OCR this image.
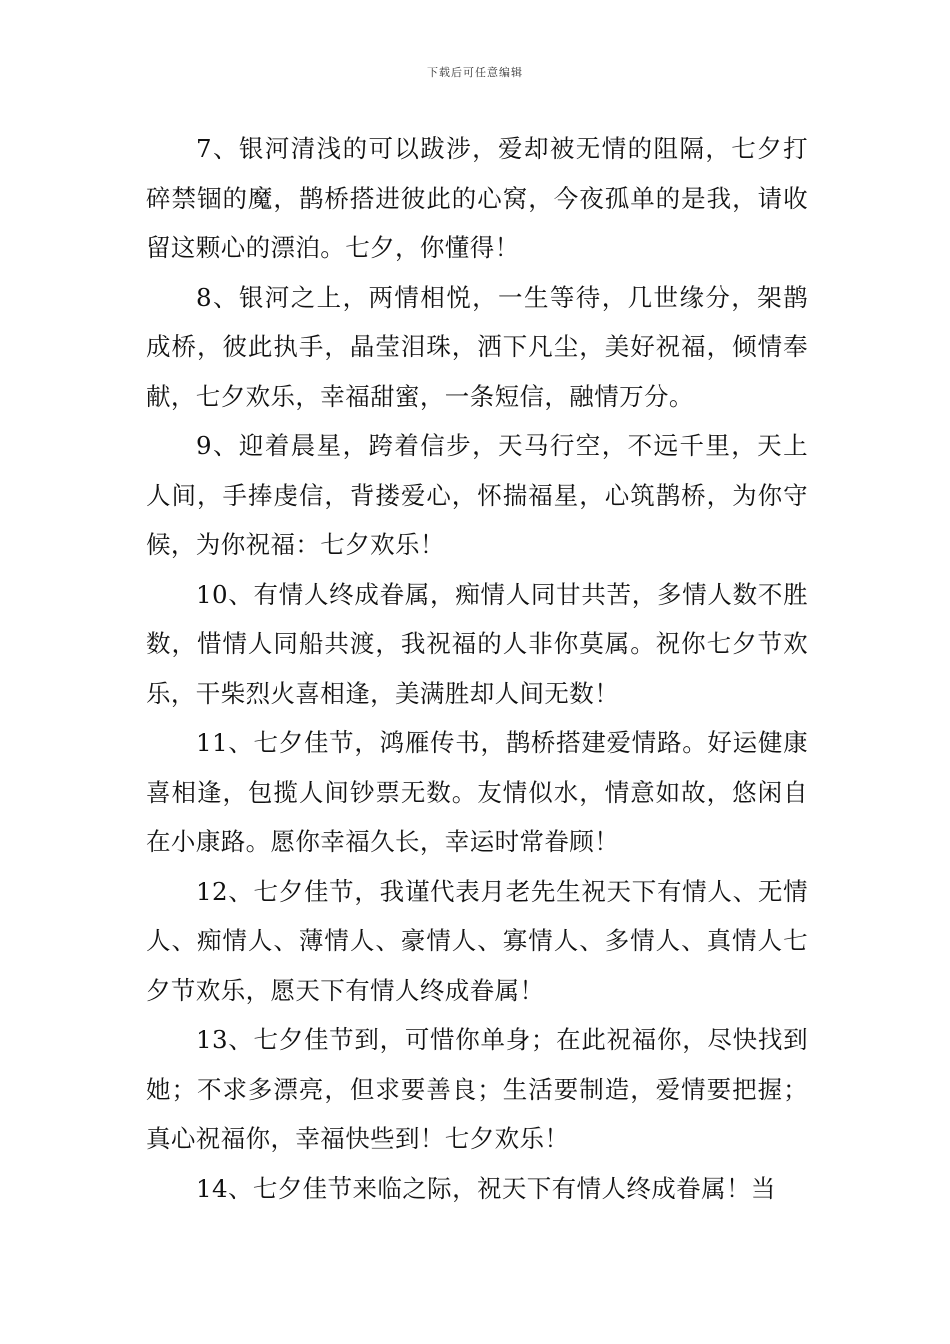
下载后可任意编辑

7、银河清浅的可以跋涉，爱却被无情的阻隔，七夕打碎禁锢的魔，鹊桥搭进彼此的心窝，今夜孤单的是我，请收留这颗心的漂泊。七夕，你懂得！

8、银河之上，两情相悦，一生等待，几世缘分，架鹊成桥，彼此执手，晶莹泪珠，洒下凡尘，美好祝福，倾情奉献，七夕欢乐，幸福甜蜜，一条短信，融情万分。

9、迎着晨星，跨着信步，天马行空，不远千里，天上人间，手捧虔信，背搂爱心，怀揣福星，心筑鹊桥，为你守候，为你祝福：七夕欢乐！

10、有情人终成眷属，痴情人同甘共苦，多情人数不胜数，惜情人同船共渡，我祝福的人非你莫属。祝你七夕节欢乐，干柴烈火喜相逢，美满胜却人间无数！

11、七夕佳节，鸿雁传书，鹊桥搭建爱情路。好运健康喜相逢，包揽人间钞票无数。友情似水，情意如故，悠闲自在小康路。愿你幸福久长，幸运时常眷顾！

12、七夕佳节，我谨代表月老先生祝天下有情人、无情人、痴情人、薄情人、豪情人、寡情人、多情人、真情人七夕节欢乐，愿天下有情人终成眷属！

13、七夕佳节到，可惜你单身；在此祝福你，尽快找到她；不求多漂亮，但求要善良；生活要制造，爱情要把握；真心祝福你，幸福快些到！七夕欢乐！

14、七夕佳节来临之际，祝天下有情人终成眷属！当
